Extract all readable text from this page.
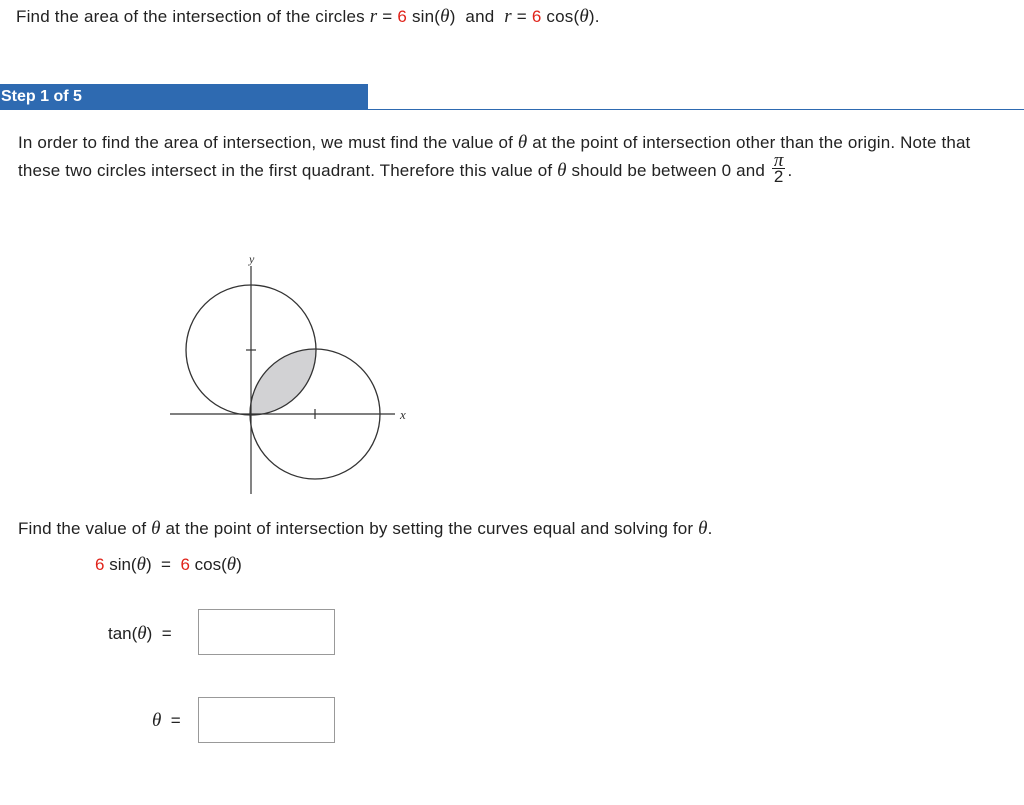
Find the area of the intersection of the circles r = 6 sin(θ)  and  r = 6 cos(θ).
Step 1 of 5
In order to find the area of intersection, we must find the value of θ at the point of intersection other than the origin. Note that these two circles intersect in the first quadrant. Therefore this value of θ should be between 0 and $\frac{\pi}{2}$ .
y
x
Find the value of θ at the point of intersection by setting the curves equal and solving for θ.
6 sin(θ)  =  6 cos(θ)
tan(θ)  =
θ  =
